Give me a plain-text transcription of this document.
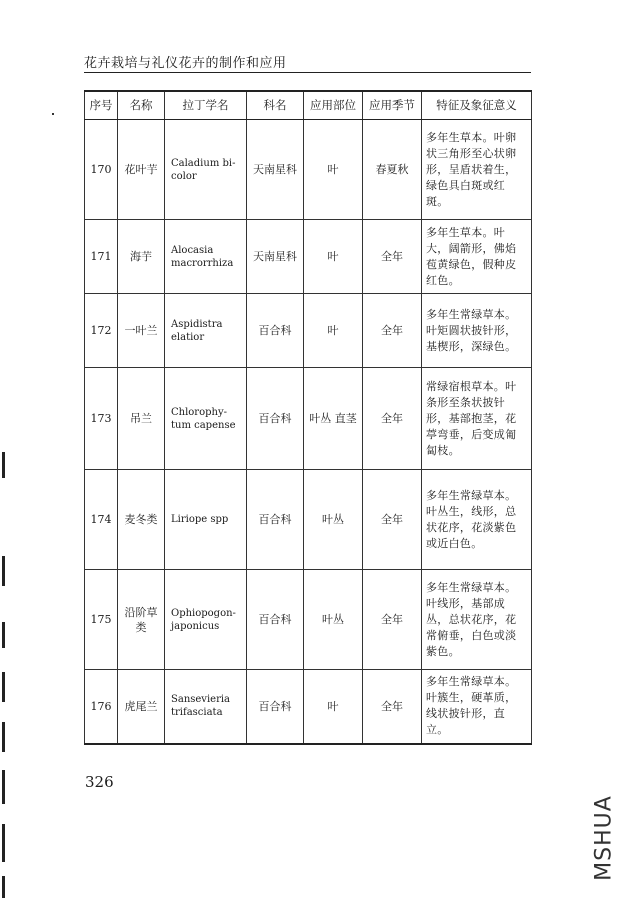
花卉栽培与礼仪花卉的制作和应用
序号	名称	拉丁学名	科名	应用部位	应用季节	特征及象征意义
170	花叶芋	Caladium bi- color	天南星科	叶	春夏秋	多年生草本。叶卵状三角形至心状卵形，呈盾状着生，绿色具白斑或红斑。
171	海芋	Alocasia macrorrhiza	天南星科	叶	全年	多年生草本。叶大，阔箭形，佛焰苞黄绿色，假种皮红色。
172	一叶兰	Aspidistra elatior	百合科	叶	全年	多年生常绿草本。叶矩圆状披针形，基楔形，深绿色。
173	吊兰	Chlorophy- tum capense	百合科	叶丛 直茎	全年	常绿宿根草本。叶条形至条状披针形，基部抱茎，花葶弯垂，后变成匍匐枝。
174	麦冬类	Liriope spp	百合科	叶丛	全年	多年生常绿草本。叶丛生，线形，总状花序，花淡紫色或近白色。
175	沿阶草类	Ophiopogon- japonicus	百合科	叶丛	全年	多年生常绿草本。叶线形，基部成丛，总状花序，花常俯垂，白色或淡紫色。
176	虎尾兰	Sansevieria trifasciata	百合科	叶	全年	多年生常绿草本。叶簇生，硬革质，线状披针形，直立。
326
MSHUA
